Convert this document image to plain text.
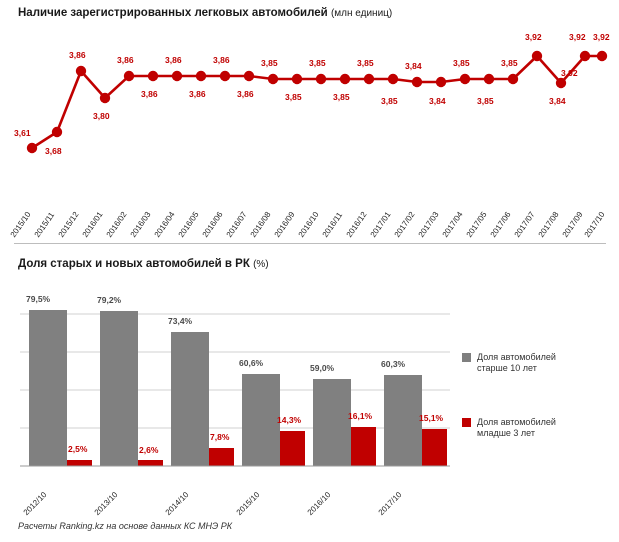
Наличие зарегистрированных легковых автомобилей (млн единиц)
3,61
3,68
3,86
3,80
3,86
3,86
3,86
3,86
3,86
3,86
3,85
3,85
3,85
3,85
3,85
3,85
3,84
3,84
3,85
3,85
3,85
3,92
3,84
3,92
3,92
3,92
2015/10 2015/11 2015/12 2016/01 2016/02 2016/03 2016/04 2016/05 2016/06 2016/07 2016/08 2016/09 2016/10 2016/11 2016/12 2017/01 2017/02 2017/03 2017/04 2017/05 2017/06 2017/07 2017/08 2017/09
2017/10
Доля старых и новых автомобилей в РК (%)
79,5%	79,2%
73,4%
60,6%	59,0%	60,3%
2,5%	2,6%
7,8%
14,3%	16,1%	15,1%
2012/10	2013/10	2014/10	2015/10	2016/10	2017/10
Доля автомобилей
старше 10 лет
Доля автомобилей
младше 3 лет
Расчеты Ranking.kz на основе данных КС МНЭ РК
